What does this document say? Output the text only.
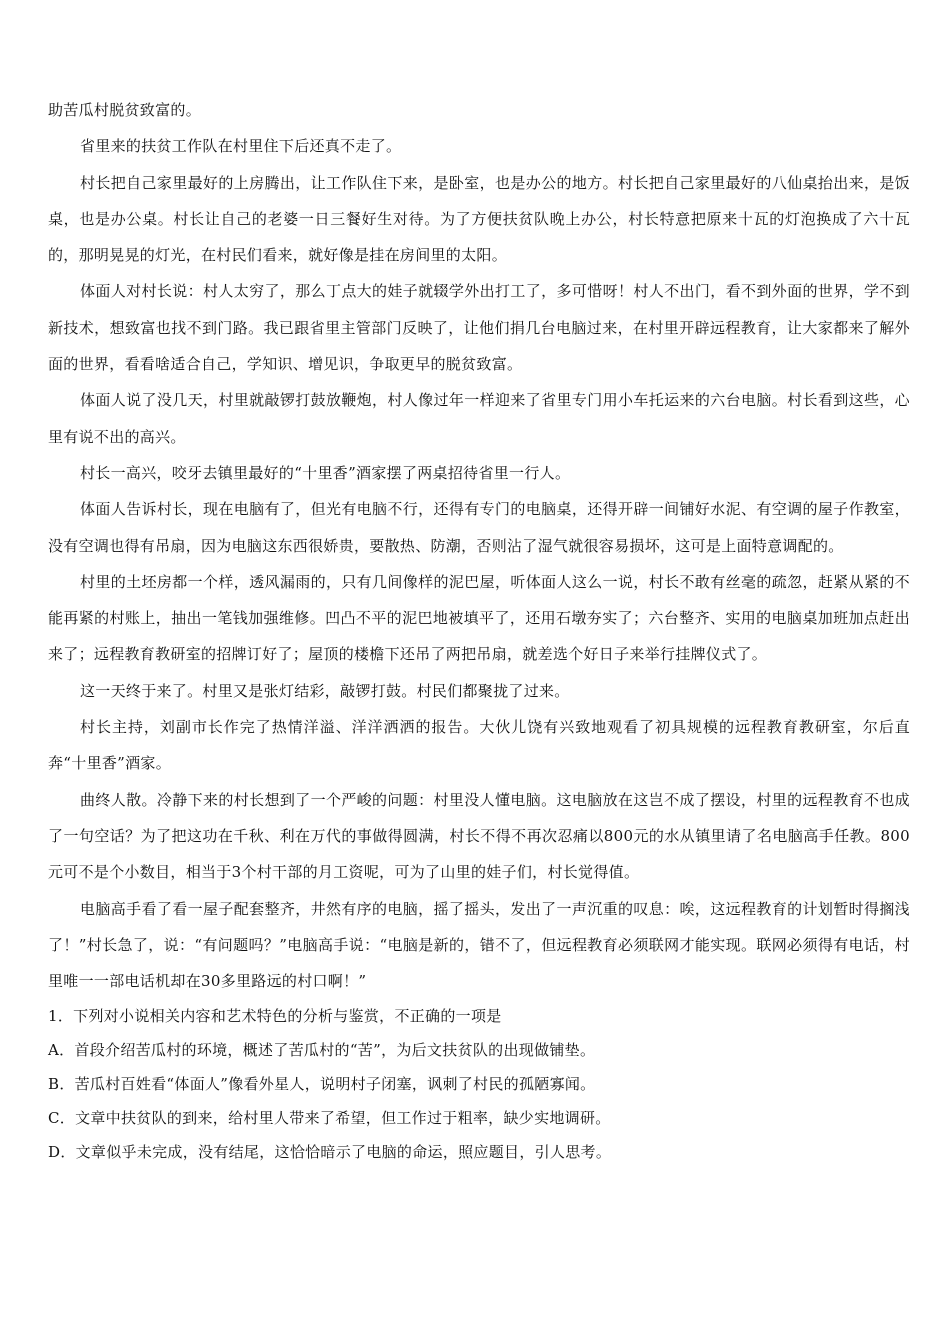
助苦瓜村脱贫致富的。

省里来的扶贫工作队在村里住下后还真不走了。

村长把自己家里最好的上房腾出，让工作队住下来，是卧室，也是办公的地方。村长把自己家里最好的八仙桌抬出来，是饭桌，也是办公桌。村长让自己的老婆一日三餐好生对待。为了方便扶贫队晚上办公，村长特意把原来十瓦的灯泡换成了六十瓦的，那明晃晃的灯光，在村民们看来，就好像是挂在房间里的太阳。

体面人对村长说：村人太穷了，那么丁点大的娃子就辍学外出打工了，多可惜呀！村人不出门，看不到外面的世界，学不到新技术，想致富也找不到门路。我已跟省里主管部门反映了，让他们捐几台电脑过来，在村里开辟远程教育，让大家都来了解外面的世界，看看啥适合自己，学知识、增见识，争取更早的脱贫致富。

体面人说了没几天，村里就敲锣打鼓放鞭炮，村人像过年一样迎来了省里专门用小车托运来的六台电脑。村长看到这些，心里有说不出的高兴。

村长一高兴，咬牙去镇里最好的“十里香”酒家摆了两桌招待省里一行人。

体面人告诉村长，现在电脑有了，但光有电脑不行，还得有专门的电脑桌，还得开辟一间铺好水泥、有空调的屋子作教室，没有空调也得有吊扇，因为电脑这东西很娇贵，要散热、防潮，否则沾了湿气就很容易损坏，这可是上面特意调配的。

村里的土坯房都一个样，透风漏雨的，只有几间像样的泥巴屋，听体面人这么一说，村长不敢有丝毫的疏忽，赶紧从紧的不能再紧的村账上，抽出一笔钱加强维修。凹凸不平的泥巴地被填平了，还用石墩夯实了；六台整齐、实用的电脑桌加班加点赶出来了；远程教育教研室的招牌订好了；屋顶的楼檐下还吊了两把吊扇，就差选个好日子来举行挂牌仪式了。

这一天终于来了。村里又是张灯结彩，敲锣打鼓。村民们都聚拢了过来。

村长主持，刘副市长作完了热情洋溢、洋洋洒洒的报告。大伙儿饶有兴致地观看了初具规模的远程教育教研室，尔后直奔“十里香”酒家。

曲终人散。冷静下来的村长想到了一个严峻的问题：村里没人懂电脑。这电脑放在这岂不成了摆设，村里的远程教育不也成了一句空话？为了把这功在千秋、利在万代的事做得圆满，村长不得不再次忍痛以800元的水从镇里请了名电脑高手任教。800元可不是个小数目，相当于3个村干部的月工资呢，可为了山里的娃子们，村长觉得值。

电脑高手看了看一屋子配套整齐，井然有序的电脑，摇了摇头，发出了一声沉重的叹息：唉，这远程教育的计划暂时得搁浅了！”村长急了，说：“有问题吗？”电脑高手说：“电脑是新的，错不了，但远程教育必须联网才能实现。联网必须得有电话，村里唯一一部电话机却在30多里路远的村口啊！”

1．下列对小说相关内容和艺术特色的分析与鉴赏，不正确的一项是

A．首段介绍苦瓜村的环境，概述了苦瓜村的“苦”，为后文扶贫队的出现做铺垫。

B．苦瓜村百姓看“体面人”像看外星人，说明村子闭塞，讽刺了村民的孤陋寡闻。

C．文章中扶贫队的到来，给村里人带来了希望，但工作过于粗率，缺少实地调研。

D．文章似乎未完成，没有结尾，这恰恰暗示了电脑的命运，照应题目，引人思考。
